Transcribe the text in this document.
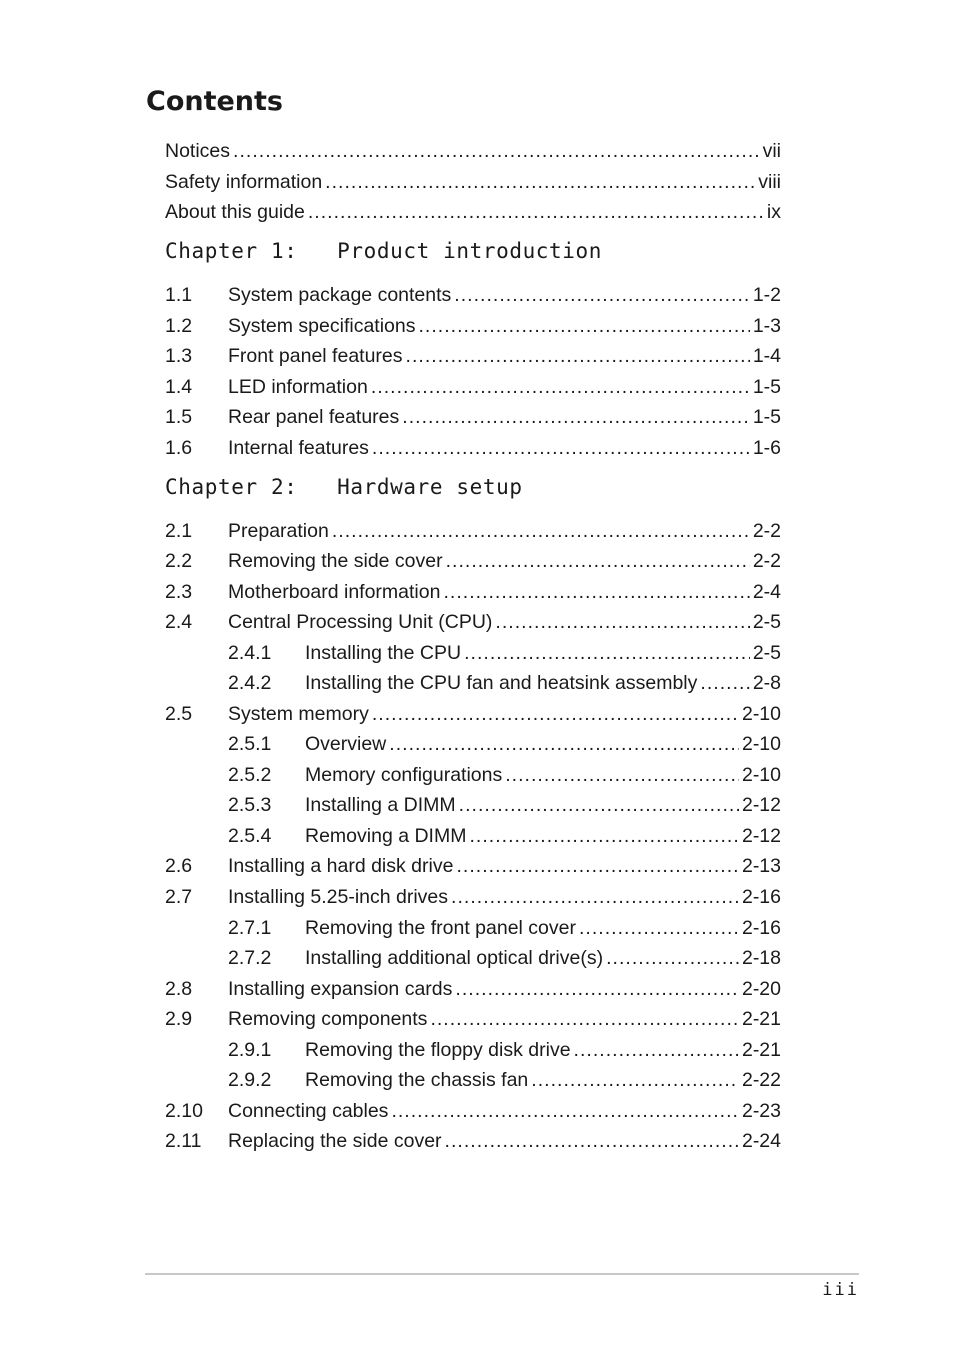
Contents
Notices . . .	vii
Safety information . . .	viii
About this guide . . .	ix
Chapter 1:   Product introduction
1.1	System package contents . . .	1-2
1.2	System specifications . . .	1-3
1.3	Front panel features . . .	1-4
1.4	LED information . . .	1-5
1.5	Rear panel features . . .	1-5
1.6	Internal features . . .	1-6
Chapter 2:   Hardware setup
2.1	Preparation . . .	2-2
2.2	Removing the side cover . . .	2-2
2.3	Motherboard information . . .	2-4
2.4	Central Processing Unit (CPU) . . .	2-5
2.4.1	Installing the CPU . . .	2-5
2.4.2	Installing the CPU fan and heatsink assembly . . .	2-8
2.5	System memory . . .	2-10
2.5.1	Overview . . .	2-10
2.5.2	Memory configurations . . .	2-10
2.5.3	Installing a DIMM . . .	2-12
2.5.4	Removing a DIMM . . .	2-12
2.6	Installing a hard disk drive . . .	2-13
2.7	Installing 5.25-inch drives . . .	2-16
2.7.1	Removing the front panel cover . . .	2-16
2.7.2	Installing additional optical drive(s) . . .	2-18
2.8	Installing expansion cards . . .	2-20
2.9	Removing components . . .	2-21
2.9.1	Removing the floppy disk drive . . .	2-21
2.9.2	Removing the chassis fan . . .	2-22
2.10	Connecting cables . . .	2-23
2.11	Replacing the side cover . . .	2-24
iii
